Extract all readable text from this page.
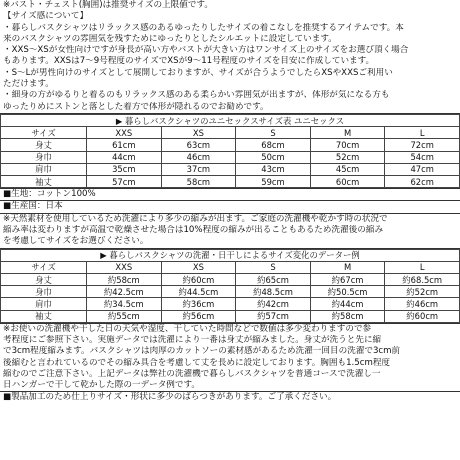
※バスト・チェスト(胸囲)は推奨サイズの上限値です。
【サイズ感について】
・暮らしバスクシャツはリラックス感のあるゆったりしたサイズの着こなしを推奨するアイテムです。本
来のバスクシャツの雰囲気を残すためにゆったりとしたシルエットに設定しています。
・XXS〜XSが女性向けですが身長が高い方やバストが大きい方はワンサイズ上のサイズをお選び頂く場合
もあります。XXSは7〜9号程度のサイズでXSが9〜11号程度のサイズを目安に作成しています。
・S〜Lが男性向けのサイズとして展開しておりますが、サイズが合うようでしたらXSやXXSご利用い
ただけます。
・細身の方がゆるりと着るのもリラックス感のある柔らかい雰囲気が出ますが、体形が気になる方も
ゆったりめにストンと落とした着方で体形が隠れるのでお勧めです。
▶ 暮らしバスクシャツのユニセックスサイズ表 ユニセックス					
サイズ	XXS	XS	S	M	L
身丈	61cm	63cm	68cm	70cm	72cm
身巾	44cm	46cm	50cm	52cm	54cm
肩巾	35cm	37cm	43cm	45cm	47cm
袖丈	57cm	58cm	59cm	60cm	62cm
■生地：コットン100%
■生産国：日本
※天然素材を使用しているため洗濯により多少の縮みが出ます。ご家庭の洗濯機や乾かす時の状況で
縮み率は変わりますが高温で乾燥させた場合は10%程度の縮みが出ることもあるため洗濯後の縮み
を考慮してサイズをお選びください。
▶ 暮らしバスクシャツの洗濯・日干しによるサイズ変化のデーター例					
サイズ	XXS	XS	S	M	L
身丈	約58cm	約60cm	約65cm	約67cm	約68.5cm
身巾	約42.5cm	約44.5cm	約48.5cm	約50.5cm	約52cm
肩巾	約34.5cm	約36cm	約42cm	約44cm	約46cm
袖丈	約55cm	約56cm	約57cm	約58cm	約60cm
※お使いの洗濯機や干した日の天気や湿度、干していた時間などで数値は多少変わりますので参
考程度にご参照下さい。実施データでは洗濯により一番は身丈が縮みました。身丈が洗うと先に縮
で3cm程度縮みます。バスクシャツは肉厚のカットソーの素材感があるため洗濯一回目の洗濯で3cm前
後縮むと言われているのでその縮み具合を考慮して丈を長めに設定しております。胸囲も1.5cm程度
縮むのでご注意下さい。上記データは弊社の洗濯機で暮らしバスクシャツを普通コースで洗濯し一
日ハンガーで干して乾かした際の一データ例です。
■製品加工のため仕上りサイズ・形状に多少のばらつきがあります。ご了承ください。
